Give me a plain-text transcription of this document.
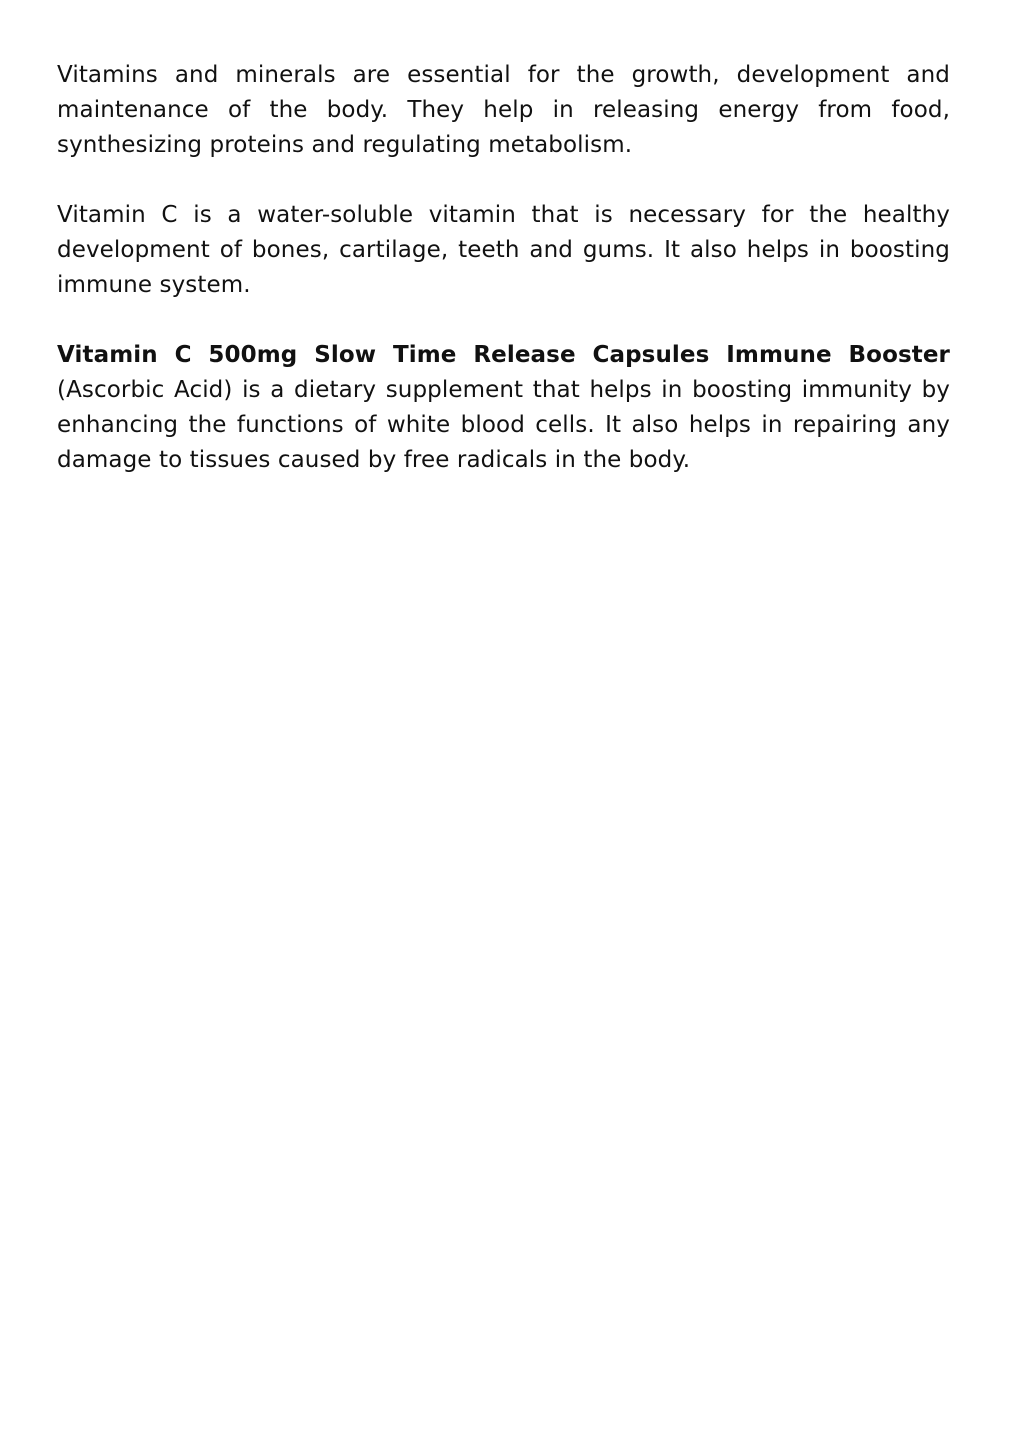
Vitamins and minerals are essential for the growth, development and maintenance of the body. They help in releasing energy from food, synthesizing proteins and regulating metabolism.

Vitamin C is a water-soluble vitamin that is necessary for the healthy development of bones, cartilage, teeth and gums. It also helps in boosting immune system.

Vitamin C 500mg Slow Time Release Capsules Immune Booster (Ascorbic Acid) is a dietary supplement that helps in boosting immunity by enhancing the functions of white blood cells. It also helps in repairing any damage to tissues caused by free radicals in the body.
